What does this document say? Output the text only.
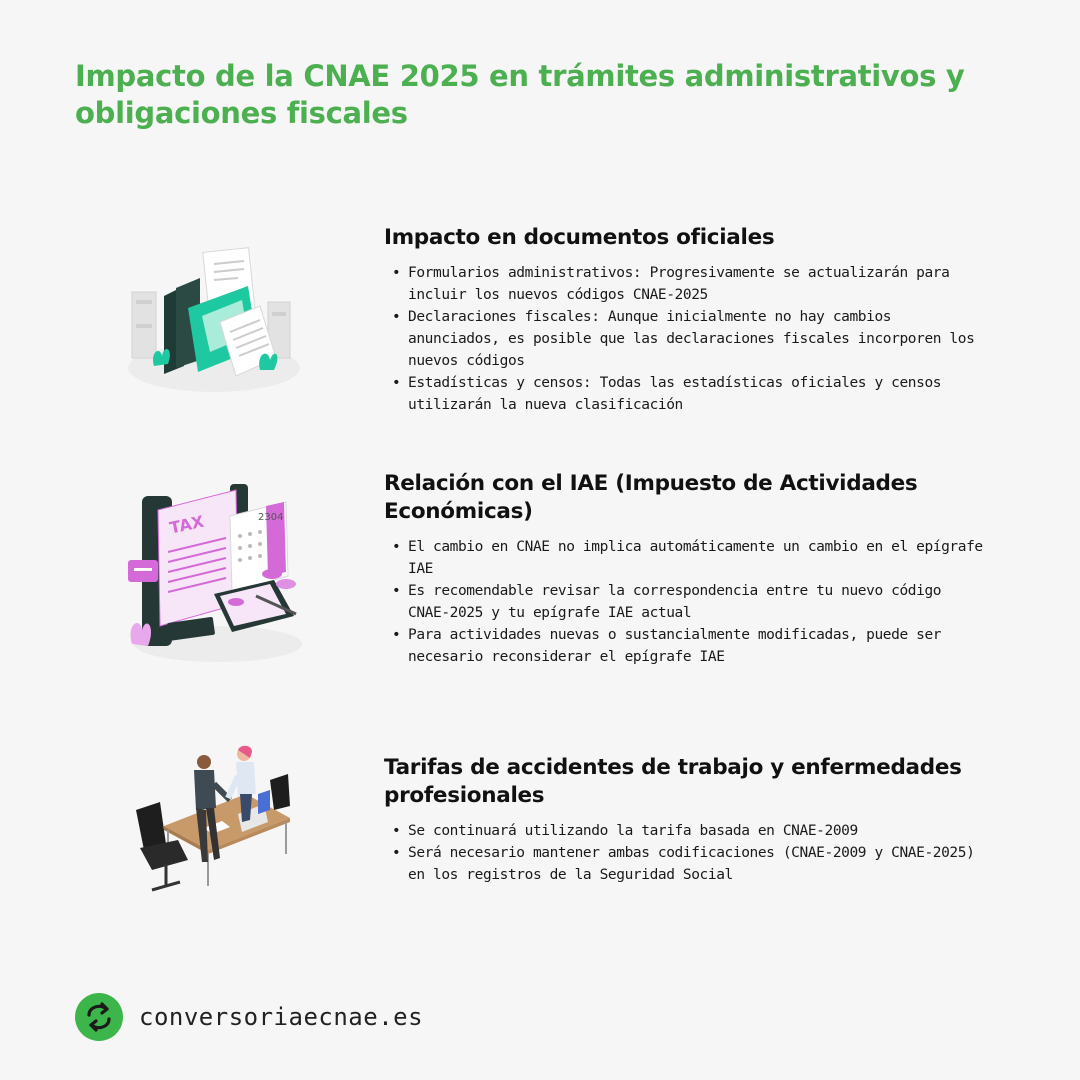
Impacto de la CNAE 2025 en trámites administrativos y obligaciones fiscales
Impacto en documentos oficiales
• Formularios administrativos: Progresivamente se actualizarán para incluir los nuevos códigos CNAE-2025
• Declaraciones fiscales: Aunque inicialmente no hay cambios anunciados, es posible que las declaraciones fiscales incorporen los nuevos códigos
• Estadísticas y censos: Todas las estadísticas oficiales y censos utilizarán la nueva clasificación
TAX	2304
Relación con el IAE (Impuesto de Actividades Económicas)
• El cambio en CNAE no implica automáticamente un cambio en el epígrafe IAE
• Es recomendable revisar la correspondencia entre tu nuevo código CNAE-2025 y tu epígrafe IAE actual
• Para actividades nuevas o sustancialmente modificadas, puede ser necesario reconsiderar el epígrafe IAE
Tarifas de accidentes de trabajo y enfermedades profesionales
• Se continuará utilizando la tarifa basada en CNAE-2009
• Será necesario mantener ambas codificaciones (CNAE-2009 y CNAE-2025) en los registros de la Seguridad Social
conversoriaecnae.es
